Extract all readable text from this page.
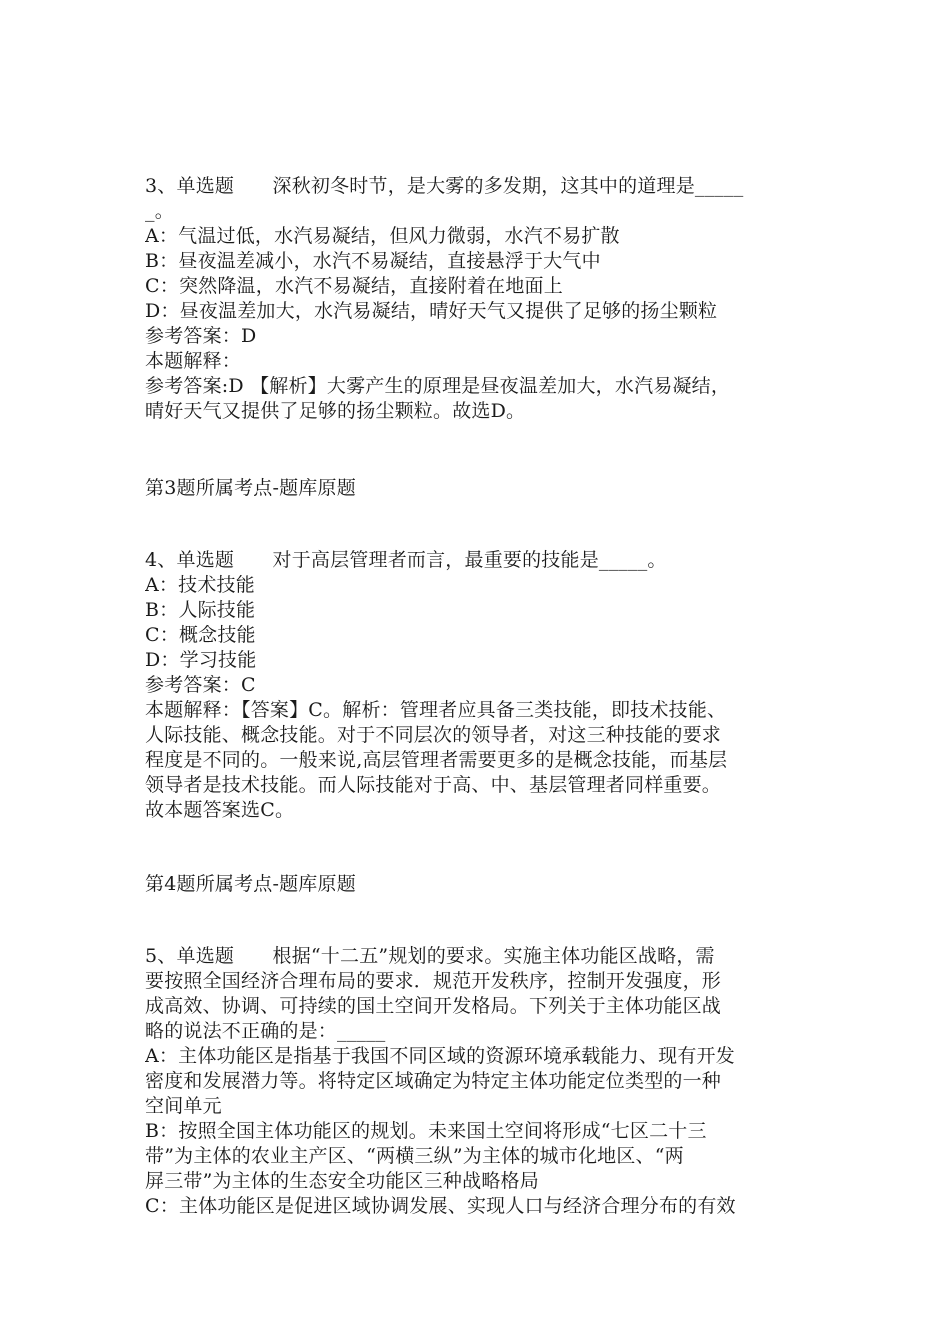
3、单选题　　深秋初冬时节，是大雾的多发期，这其中的道理是_____
_。
A：气温过低，水汽易凝结，但风力微弱，水汽不易扩散
B：昼夜温差减小，水汽不易凝结，直接悬浮于大气中
C：突然降温，水汽不易凝结，直接附着在地面上
D：昼夜温差加大，水汽易凝结，晴好天气又提供了足够的扬尘颗粒
参考答案：D
本题解释：
参考答案:D 【解析】大雾产生的原理是昼夜温差加大，水汽易凝结，
晴好天气又提供了足够的扬尘颗粒。故选D。
第3题所属考点-题库原题
4、单选题　　对于高层管理者而言，最重要的技能是_____。
A：技术技能
B：人际技能
C：概念技能
D：学习技能
参考答案：C
本题解释：【答案】C。解析：管理者应具备三类技能，即技术技能、
人际技能、概念技能。对于不同层次的领导者，对这三种技能的要求
程度是不同的。一般来说,高层管理者需要更多的是概念技能，而基层
领导者是技术技能。而人际技能对于高、中、基层管理者同样重要。
故本题答案选C。
第4题所属考点-题库原题
5、单选题　　根据“十二五”规划的要求。实施主体功能区战略，需
要按照全国经济合理布局的要求．规范开发秩序，控制开发强度，形
成高效、协调、可持续的国土空间开发格局。下列关于主体功能区战
略的说法不正确的是：_____
A：主体功能区是指基于我国不同区域的资源环境承载能力、现有开发
密度和发展潜力等。将特定区域确定为特定主体功能定位类型的一种
空间单元
B：按照全国主体功能区的规划。未来国土空间将形成“七区二十三
带”为主体的农业主产区、“两横三纵”为主体的城市化地区、“两
屏三带”为主体的生态安全功能区三种战略格局
C：主体功能区是促进区域协调发展、实现人口与经济合理分布的有效
